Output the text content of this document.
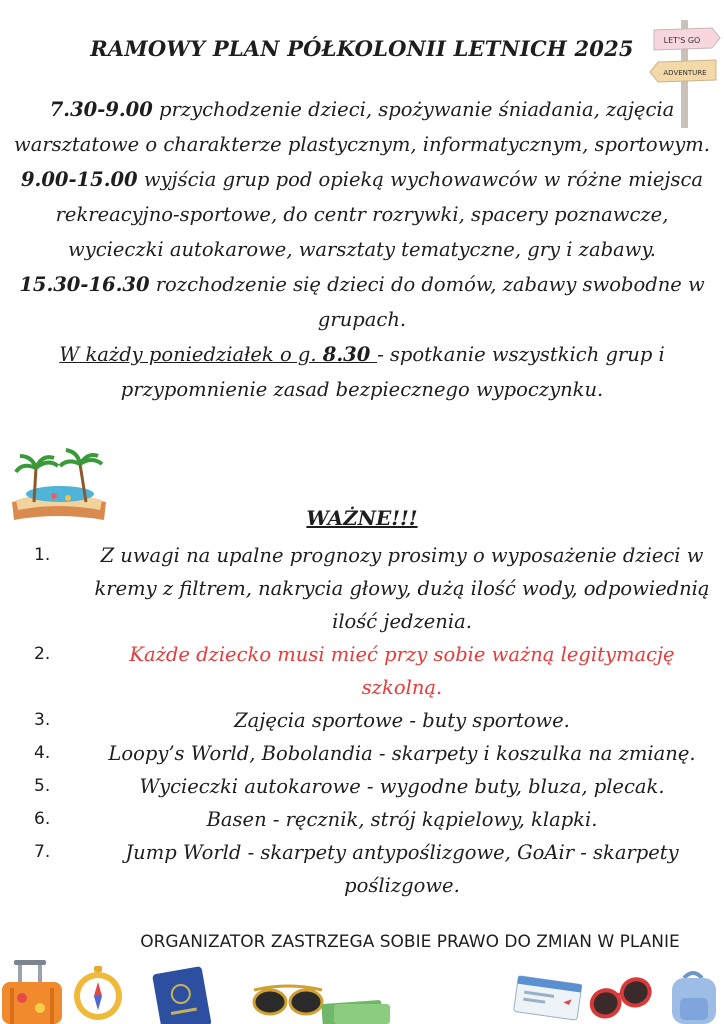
RAMOWY PLAN PÓŁKOLONII LETNICH 2025	LET'S GO
ADVENTURE
7.30-9.00 przychodzenie dzieci, spożywanie śniadania, zajęcia warsztatowe o charakterze plastycznym, informatycznym, sportowym.
9.00-15.00 wyjścia grup pod opieką wychowawców w różne miejsca rekreacyjno-sportowe, do centr rozrywki, spacery poznawcze, wycieczki autokarowe, warsztaty tematyczne, gry i zabawy.
15.30-16.30 rozchodzenie się dzieci do domów, zabawy swobodne w grupach.
W każdy poniedziałek o g. 8.30 - spotkanie wszystkich grup i przypomnienie zasad bezpiecznego wypoczynku.
WAŻNE!!!
1.	Z uwagi na upalne prognozy prosimy o wyposażenie dzieci w kremy z filtrem, nakrycia głowy, dużą ilość wody, odpowiednią ilość jedzenia.
2.	Każde dziecko musi mieć przy sobie ważną legitymację szkolną.
3.	Zajęcia sportowe - buty sportowe.
4.	Loopy’s World, Bobolandia - skarpety i koszulka na zmianę.
5.	Wycieczki autokarowe - wygodne buty, bluza, plecak.
6.	Basen - ręcznik, strój kąpielowy, klapki.
7.	Jump World - skarpety antypoślizgowe, GoAir - skarpety poślizgowe.
ORGANIZATOR ZASTRZEGA SOBIE PRAWO DO ZMIAN W PLANIE
